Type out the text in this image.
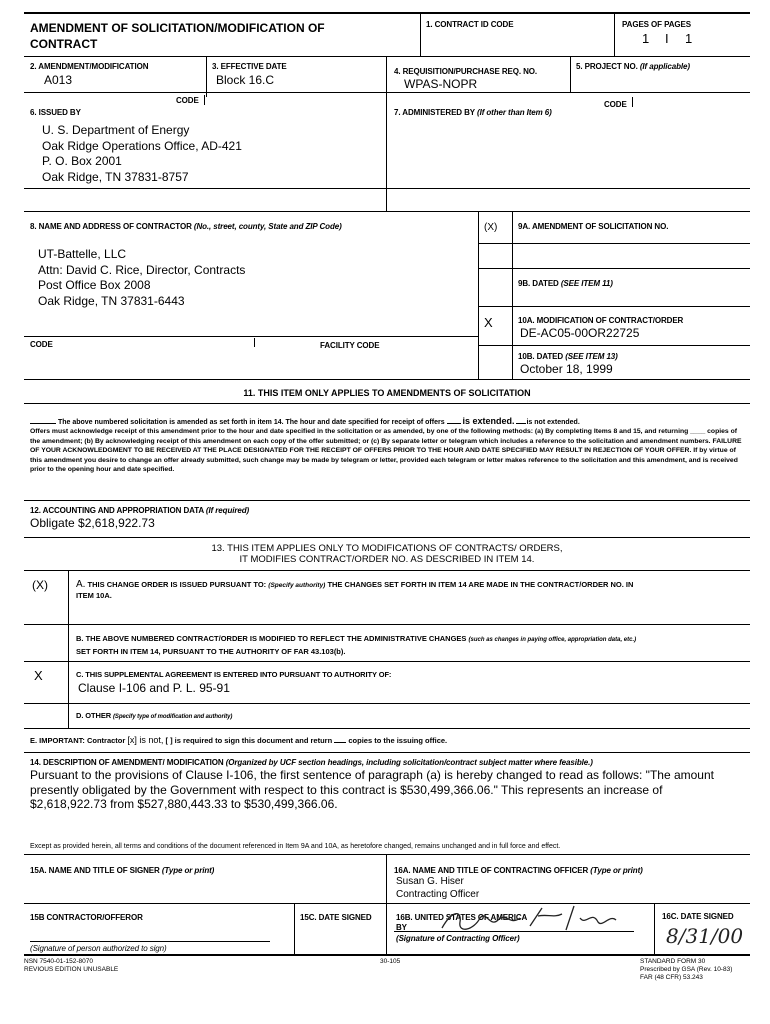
AMENDMENT OF SOLICITATION/MODIFICATION OF
CONTRACT
1. CONTRACT ID CODE	PAGES OF PAGES
1 I 1
2. AMENDMENT/MODIFICATION
A013
3. EFFECTIVE DATE
Block 16.C
4. REQUISITION/PURCHASE REQ. NO.
WPAS-NOPR
5. PROJECT NO. (If applicable)
6. ISSUED BY
CODE
U. S. Department of Energy
Oak Ridge Operations Office, AD-421
P. O. Box 2001
Oak Ridge, TN 37831-8757
7. ADMINISTERED BY (If other than Item 6)
CODE
8. NAME AND ADDRESS OF CONTRACTOR (No., street, county, State and ZIP Code)
UT-Battelle, LLC
Attn: David C. Rice, Director, Contracts
Post Office Box 2008
Oak Ridge, TN 37831-6443
CODE	FACILITY CODE
(X)	9A. AMENDMENT OF SOLICITATION NO.
9B. DATED (SEE ITEM 11)
X	10A. MODIFICATION OF CONTRACT/ORDER
DE-AC05-00OR22725
10B. DATED (SEE ITEM 13)
October 18, 1999
11. THIS ITEM ONLY APPLIES TO AMENDMENTS OF SOLICITATION
The above numbered solicitation is amended as set forth in item 14. The hour and date specified for receipt of offers is extended. is not extended.
Offers must acknowledge receipt of this amendment prior to the hour and date specified in the solicitation or as amended, by one of the following methods: (a) By completing Items 8 and 15, and returning ____ copies of the amendment; (b) By acknowledging receipt of this amendment on each copy of the offer submitted; or (c) By separate letter or telegram which includes a reference to the solicitation and amendment numbers. FAILURE OF YOUR ACKNOWLEDGMENT TO BE RECEIVED AT THE PLACE DESIGNATED FOR THE RECEIPT OF OFFERS PRIOR TO THE HOUR AND DATE SPECIFIED MAY RESULT IN REJECTION OF YOUR OFFER. If by virtue of this amendment you desire to change an offer already submitted, such change may be made by telegram or letter, provided each telegram or letter makes reference to the solicitation and this amendment, and is received prior to the opening hour and date specified.
12. ACCOUNTING AND APPROPRIATION DATA (If required)
Obligate $2,618,922.73
13. THIS ITEM APPLIES ONLY TO MODIFICATIONS OF CONTRACTS/ ORDERS,
IT MODIFIES CONTRACT/ORDER NO. AS DESCRIBED IN ITEM 14.
(X)	A. THIS CHANGE ORDER IS ISSUED PURSUANT TO: (Specify authority) THE CHANGES SET FORTH IN ITEM 14 ARE MADE IN THE CONTRACT/ORDER NO. IN
ITEM 10A.
B. THE ABOVE NUMBERED CONTRACT/ORDER IS MODIFIED TO REFLECT THE ADMINISTRATIVE CHANGES (such as changes in paying office, appropriation data, etc.)
SET FORTH IN ITEM 14, PURSUANT TO THE AUTHORITY OF FAR 43.103(b).
X	C. THIS SUPPLEMENTAL AGREEMENT IS ENTERED INTO PURSUANT TO AUTHORITY OF:
Clause I-106 and P. L. 95-91
D. OTHER (Specify type of modification and authority)
E. IMPORTANT: Contractor [x] is not, [ ] is required to sign this document and return copies to the issuing office.
14. DESCRIPTION OF AMENDMENT/ MODIFICATION (Organized by UCF section headings, including solicitation/contract subject matter where feasible.)
Pursuant to the provisions of Clause I-106, the first sentence of paragraph (a) is hereby changed to read as follows: "The amount presently obligated by the Government with respect to this contract is $530,499,366.06." This represents an increase of $2,618,922.73 from $527,880,443.33 to $530,499,366.06.
Except as provided herein, all terms and conditions of the document referenced in Item 9A and 10A, as heretofore changed, remains unchanged and in full force and effect.
15A. NAME AND TITLE OF SIGNER (Type or print)	16A. NAME AND TITLE OF CONTRACTING OFFICER (Type or print)
Susan G. Hiser
Contracting Officer
15B CONTRACTOR/OFFEROR
(Signature of person authorized to sign)
15C. DATE SIGNED	16B. UNITED STATES OF AMERICA
BY
(Signature of Contracting Officer)
16C. DATE SIGNED
8/31/00
NSN 7540-01-152-8070
REVIOUS EDITION UNUSABLE
30-105	STANDARD FORM 30
Prescribed by GSA (Rev. 10-83)
FAR (48 CFR) 53.243
